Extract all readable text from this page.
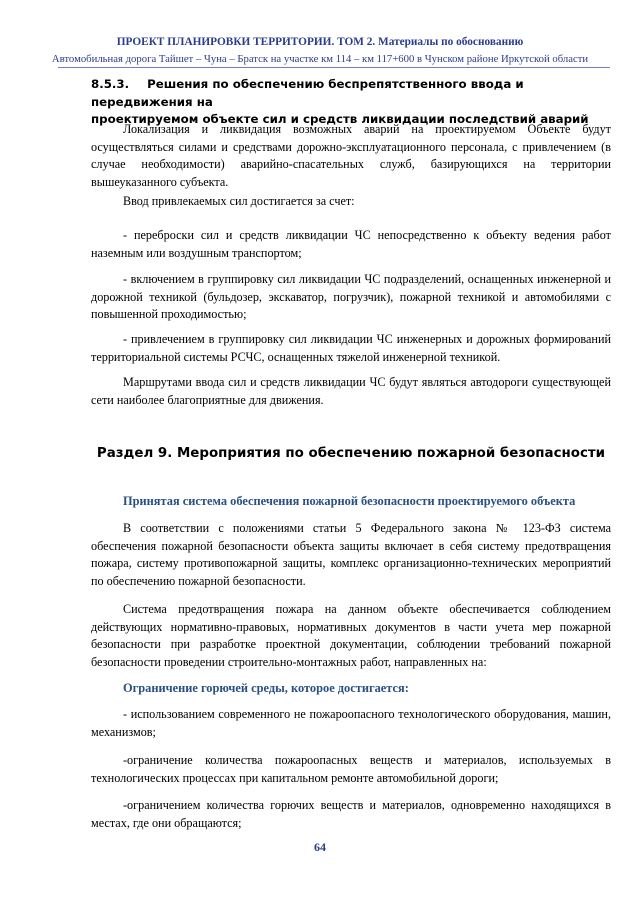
ПРОЕКТ ПЛАНИРОВКИ ТЕРРИТОРИИ. ТОМ 2. Материалы по обоснованию
Автомобильная дорога Тайшет – Чуна – Братск на участке км 114 – км 117+600 в Чунском районе Иркутской области
8.5.3. Решения по обеспечению беспрепятственного ввода и передвижения на
проектируемом объекте сил и средств ликвидации последствий аварий
Локализация и ликвидация возможных аварий на проектируемом Объекте будут осуществляться силами и средствами дорожно-эксплуатационного персонала, с привлечением (в случае необходимости) аварийно-спасательных служб, базирующихся на территории вышеуказанного субъекта.
Ввод привлекаемых сил достигается за счет:
- переброски сил и средств ликвидации ЧС непосредственно к объекту ведения работ наземным или воздушным транспортом;
- включением в группировку сил ликвидации ЧС подразделений, оснащенных инженерной и дорожной техникой (бульдозер, экскаватор, погрузчик), пожарной техникой и автомобилями с повышенной проходимостью;
- привлечением в группировку сил ликвидации ЧС инженерных и дорожных формирований территориальной системы РСЧС, оснащенных тяжелой инженерной техникой.
Маршрутами ввода сил и средств ликвидации ЧС будут являться автодороги существующей сети наиболее благоприятные для движения.
Раздел 9. Мероприятия по обеспечению пожарной безопасности
Принятая система обеспечения пожарной безопасности проектируемого объекта
В соответствии с положениями статьи 5 Федерального закона № 123-ФЗ система обеспечения пожарной безопасности объекта защиты включает в себя систему предотвращения пожара, систему противопожарной защиты, комплекс организационно-технических мероприятий по обеспечению пожарной безопасности.
Система предотвращения пожара на данном объекте обеспечивается соблюдением действующих нормативно-правовых, нормативных документов в части учета мер пожарной безопасности при разработке проектной документации, соблюдении требований пожарной безопасности проведении строительно-монтажных работ, направленных на:
Ограничение горючей среды, которое достигается:
- использованием современного не пожароопасного технологического оборудования, машин, механизмов;
-ограничение количества пожароопасных веществ и материалов, используемых в технологических процессах при капитальном ремонте автомобильной дороги;
-ограничением количества горючих веществ и материалов, одновременно находящихся в местах, где они обращаются;
64
